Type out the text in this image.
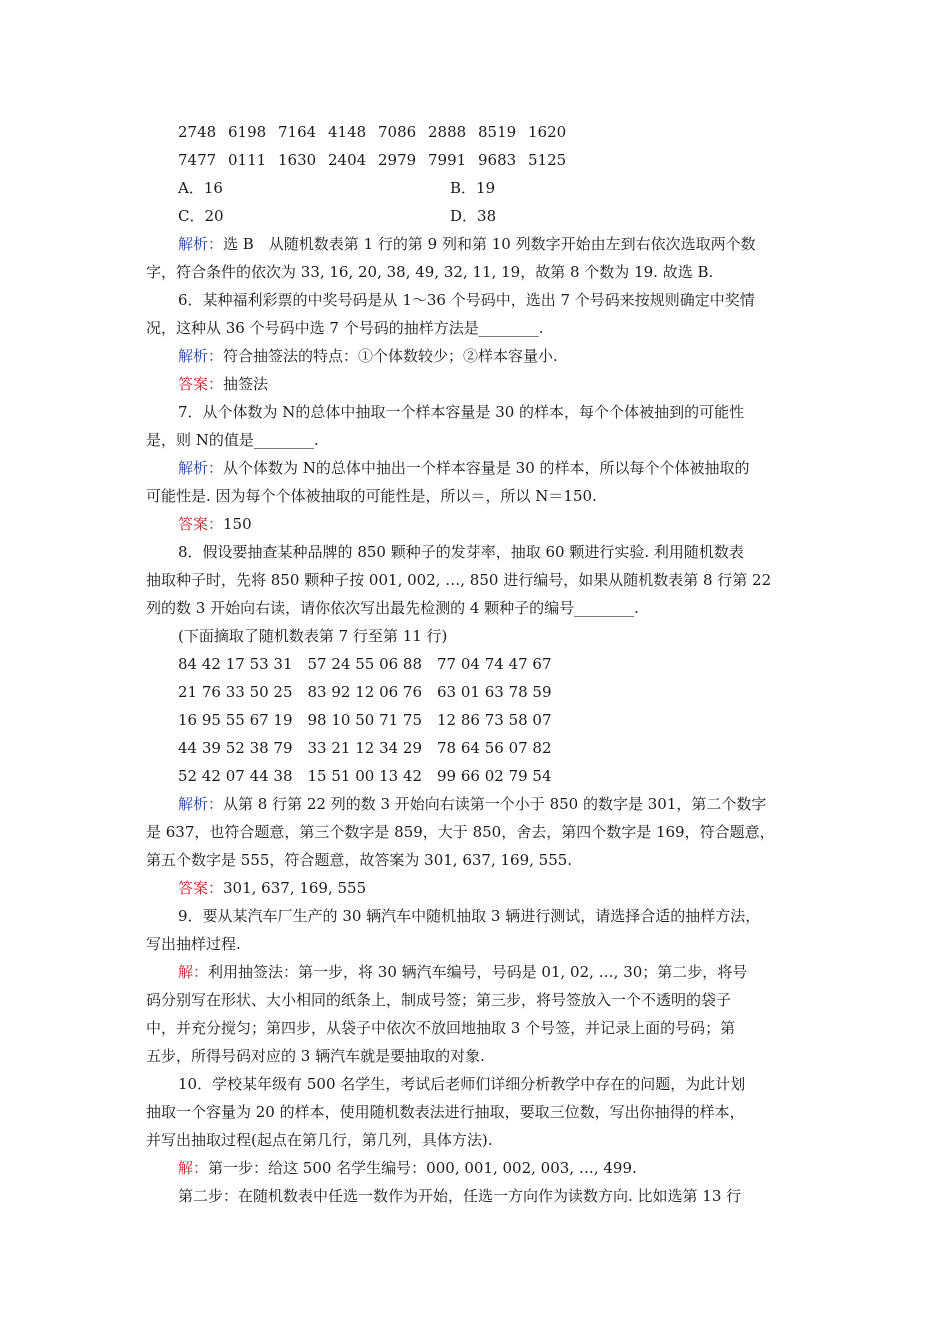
2748 6198 7164 4148 7086 2888 8519 1620
7477 0111 1630 2404 2979 7991 9683 5125
A．16	B．19
C．20	D．38
解析：选 B　从随机数表第 1 行的第 9 列和第 10 列数字开始由左到右依次选取两个数
字，符合条件的依次为 33, 16, 20, 38, 49, 32, 11, 19，故第 8 个数为 19. 故选 B.
6．某种福利彩票的中奖号码是从 1～36 个号码中，选出 7 个号码来按规则确定中奖情
况，这种从 36 个号码中选 7 个号码的抽样方法是________.
解析：符合抽签法的特点：①个体数较少；②样本容量小.
答案：抽签法
7．从个体数为 N的总体中抽取一个样本容量是 30 的样本，每个个体被抽到的可能性
是，则 N的值是________.
解析：从个体数为 N的总体中抽出一个样本容量是 30 的样本，所以每个个体被抽取的
可能性是. 因为每个个体被抽取的可能性是，所以＝，所以 N＝150.
答案：150
8．假设要抽查某种品牌的 850 颗种子的发芽率，抽取 60 颗进行实验. 利用随机数表
抽取种子时，先将 850 颗种子按 001, 002, …, 850 进行编号，如果从随机数表第 8 行第 22
列的数 3 开始向右读，请你依次写出最先检测的 4 颗种子的编号________.
(下面摘取了随机数表第 7 行至第 11 行)
84 42 17 53 31　57 24 55 06 88　77 04 74 47 67
21 76 33 50 25　83 92 12 06 76　63 01 63 78 59
16 95 55 67 19　98 10 50 71 75　12 86 73 58 07
44 39 52 38 79　33 21 12 34 29　78 64 56 07 82
52 42 07 44 38　15 51 00 13 42　99 66 02 79 54
解析：从第 8 行第 22 列的数 3 开始向右读第一个小于 850 的数字是 301，第二个数字
是 637，也符合题意，第三个数字是 859，大于 850，舍去，第四个数字是 169，符合题意，
第五个数字是 555，符合题意，故答案为 301, 637, 169, 555.
答案：301, 637, 169, 555
9．要从某汽车厂生产的 30 辆汽车中随机抽取 3 辆进行测试，请选择合适的抽样方法，
写出抽样过程.
解：利用抽签法：第一步，将 30 辆汽车编号，号码是 01, 02, …, 30；第二步，将号
码分别写在形状、大小相同的纸条上，制成号签；第三步，将号签放入一个不透明的袋子
中，并充分搅匀；第四步，从袋子中依次不放回地抽取 3 个号签，并记录上面的号码；第
五步，所得号码对应的 3 辆汽车就是要抽取的对象.
10．学校某年级有 500 名学生，考试后老师们详细分析教学中存在的问题，为此计划
抽取一个容量为 20 的样本，使用随机数表法进行抽取，要取三位数，写出你抽得的样本，
并写出抽取过程(起点在第几行，第几列，具体方法).
解：第一步：给这 500 名学生编号：000, 001, 002, 003, …, 499.
第二步：在随机数表中任选一数作为开始，任选一方向作为读数方向. 比如选第 13 行
